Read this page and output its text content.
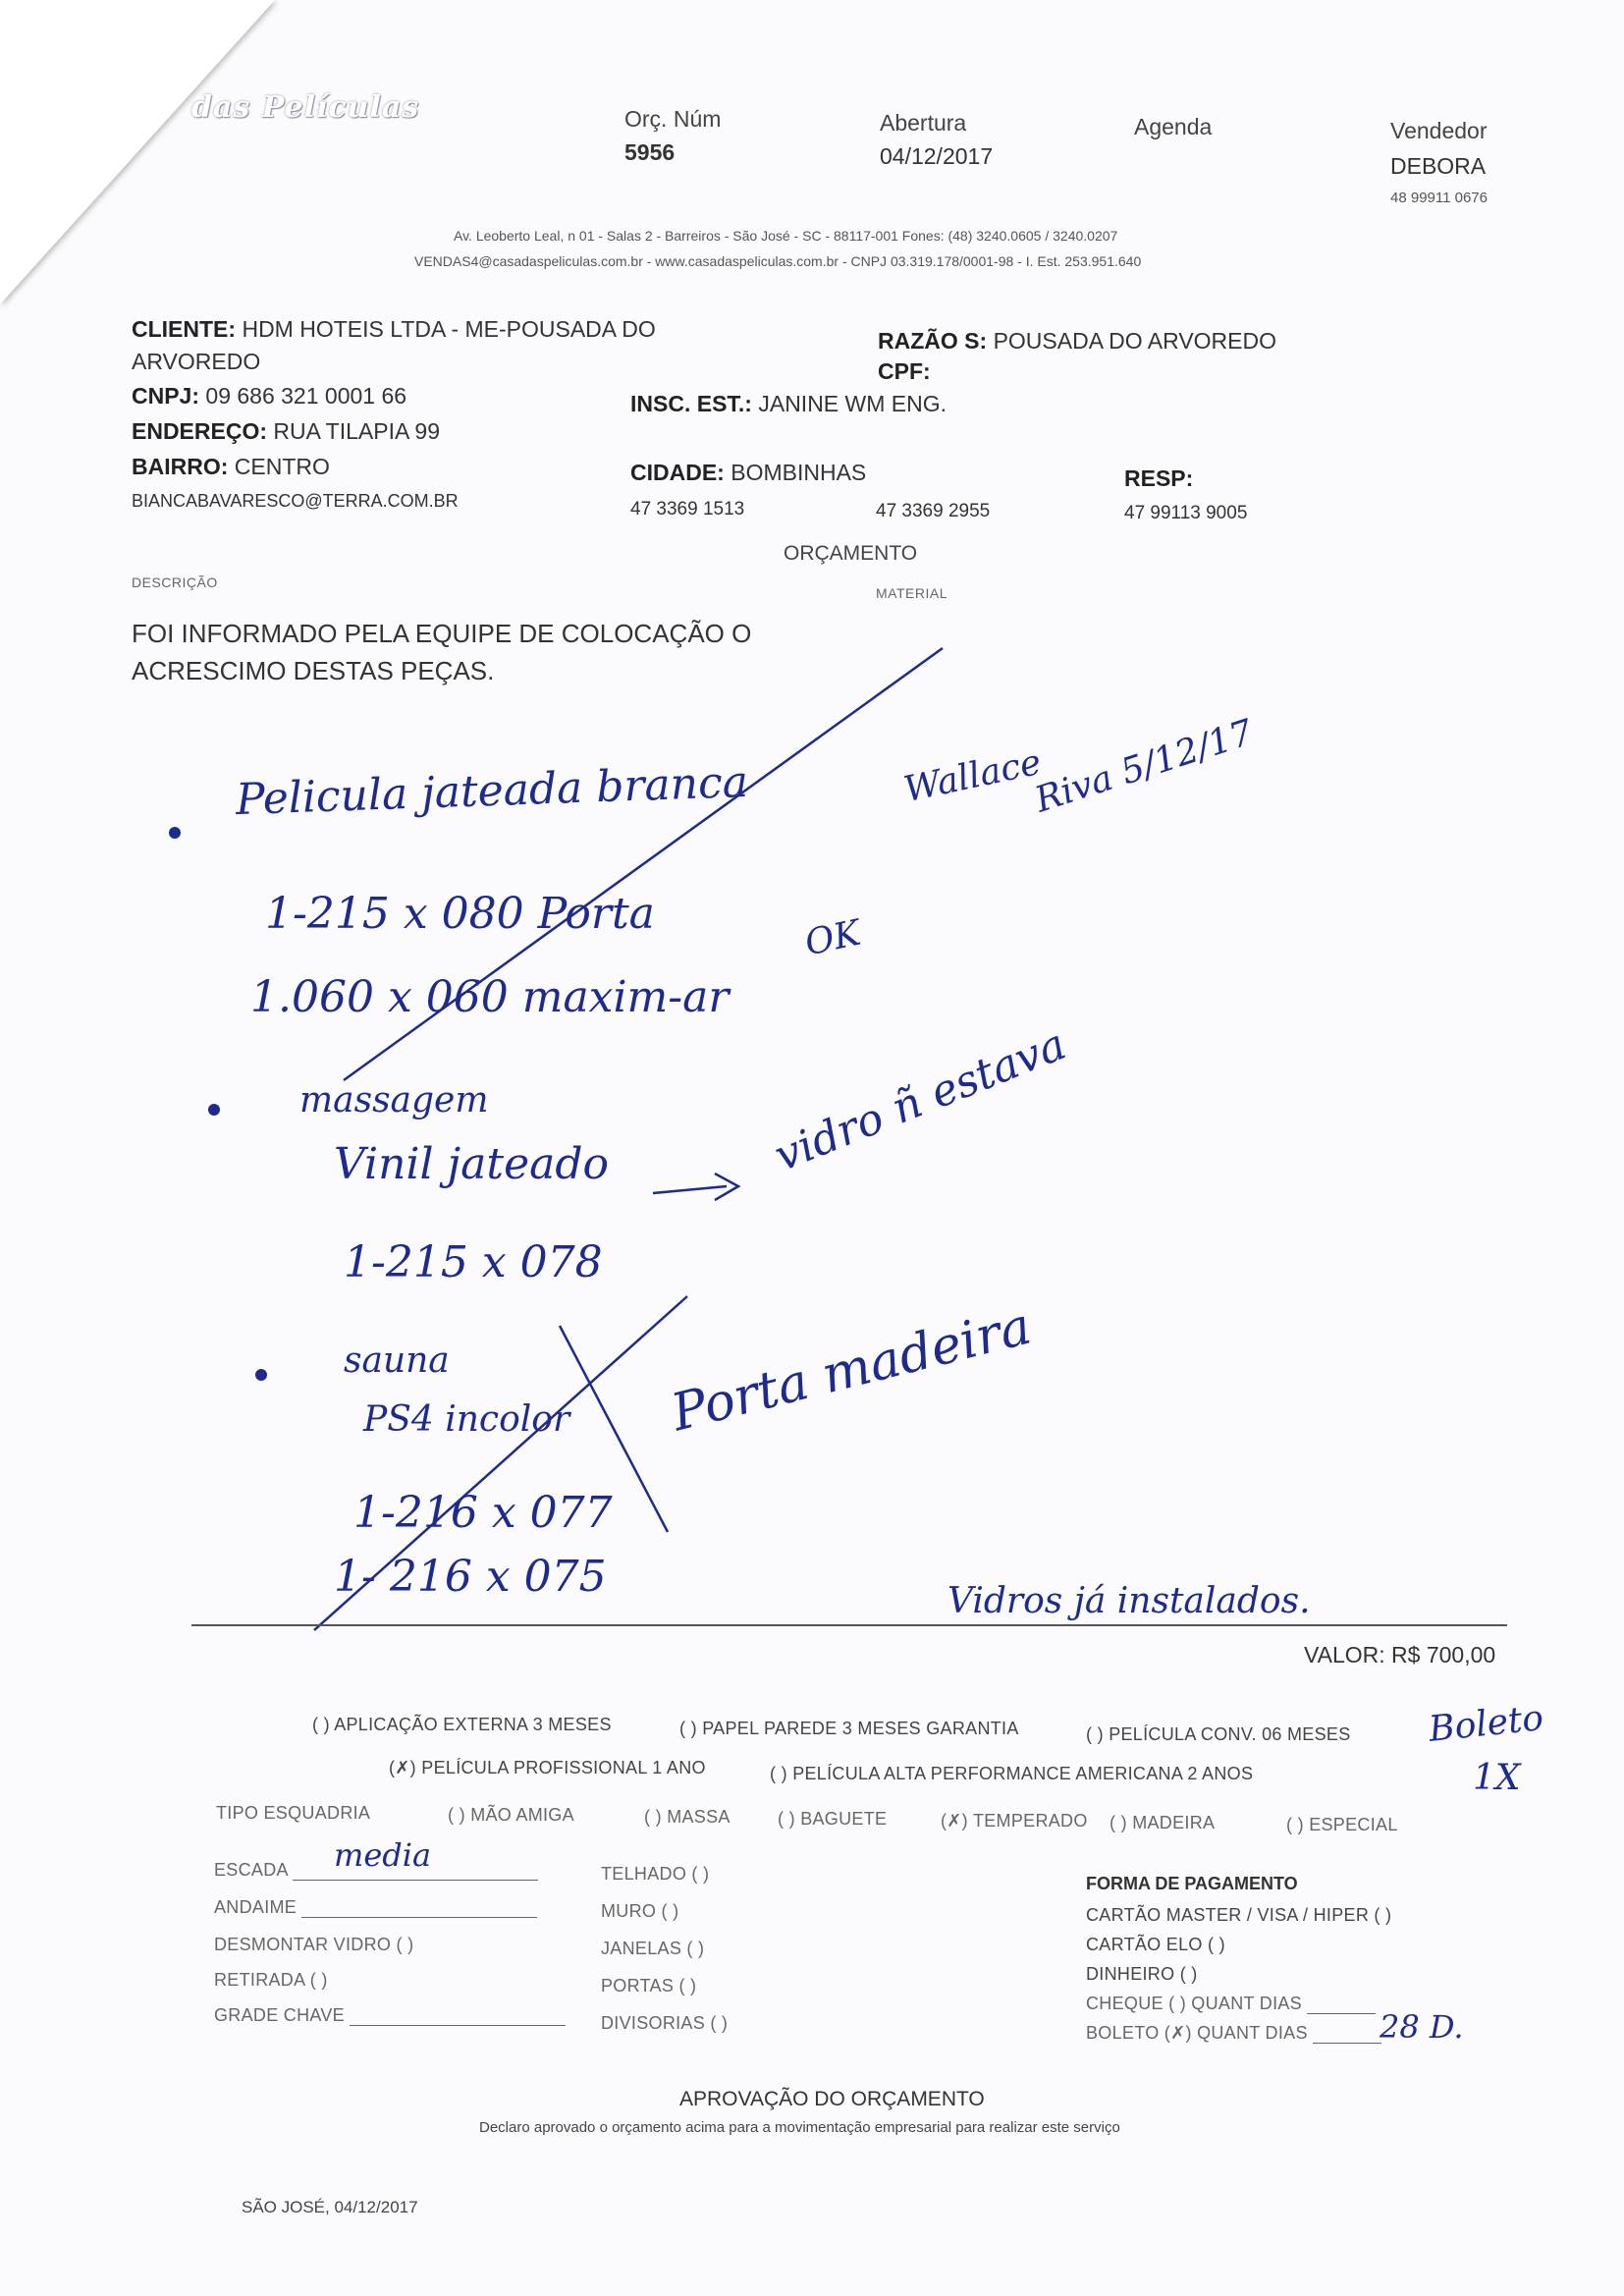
das Películas	Orç. Núm
5956
Abertura
04/12/2017
Agenda	Vendedor
DEBORA
48 99911 0676
Av. Leoberto Leal, n 01 - Salas 2 - Barreiros - São José - SC - 88117-001 Fones: (48) 3240.0605 / 3240.0207
VENDAS4@casadaspeliculas.com.br - www.casadaspeliculas.com.br - CNPJ 03.319.178/0001-98 - I. Est. 253.951.640
CLIENTE: HDM HOTEIS LTDA - ME-POUSADA DO
ARVOREDO
CNPJ: 09 686 321 0001 66
ENDEREÇO: RUA TILAPIA 99
BAIRRO: CENTRO
BIANCABAVARESCO@TERRA.COM.BR
RAZÃO S: POUSADA DO ARVOREDO
CPF:
INSC. EST.: JANINE WM ENG.
CIDADE: BOMBINHAS	RESP:
47 3369 1513	47 3369 2955	47 99113 9005
ORÇAMENTO
DESCRIÇÃO
MATERIAL
FOI INFORMADO PELA EQUIPE DE COLOCAÇÃO O
ACRESCIMO DESTAS PEÇAS.
Pelicula jateada branca	Wallace
Riva 5/12/17
1-215 x 080 Porta
1.060 x 060 maxim-ar
OK
massagem
Vinil jateado	vidro ñ estava
1-215 x 078
sauna
PS4 incolor Porta madeira
1-216 x 077
1- 216 x 075	Vidros já instalados.
VALOR: R$ 700,00
( ) APLICAÇÃO EXTERNA 3 MESES	( ) PAPEL PAREDE 3 MESES GARANTIA	( ) PELÍCULA CONV. 06 MESES Boleto
1X
(✗) PELÍCULA PROFISSIONAL 1 ANO	( ) PELÍCULA ALTA PERFORMANCE AMERICANA 2 ANOS
TIPO ESQUADRIA	( ) MÃO AMIGA	( ) MASSA	( ) BAGUETE	(✗) TEMPERADO ( ) MADEIRA	( ) ESPECIAL
ESCADA	media
ANDAIME
DESMONTAR VIDRO ( )
RETIRADA ( )
GRADE CHAVE
TELHADO ( )
MURO ( )
JANELAS ( )
PORTAS ( )
DIVISORIAS ( )
FORMA DE PAGAMENTO
CARTÃO MASTER / VISA / HIPER ( )
CARTÃO ELO ( )
DINHEIRO ( )
CHEQUE ( ) QUANT DIAS
BOLETO (✗) QUANT DIAS	28 D.
APROVAÇÃO DO ORÇAMENTO
Declaro aprovado o orçamento acima para a movimentação empresarial para realizar este serviço
SÃO JOSÉ, 04/12/2017
